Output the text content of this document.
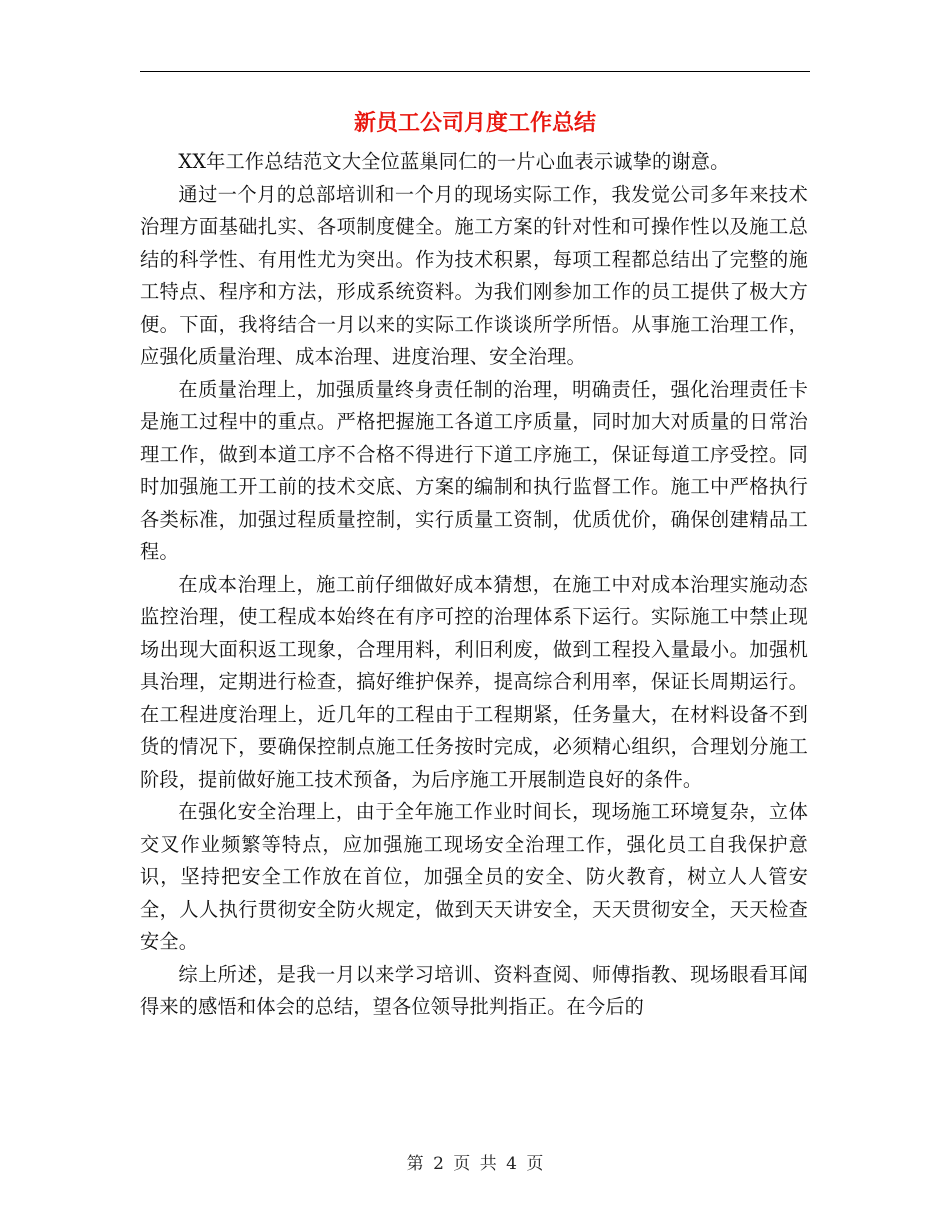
新员工公司月度工作总结

XX年工作总结范文大全位蓝巢同仁的一片心血表示诚挚的谢意。

通过一个月的总部培训和一个月的现场实际工作，我发觉公司多年来技术治理方面基础扎实、各项制度健全。施工方案的针对性和可操作性以及施工总结的科学性、有用性尤为突出。作为技术积累，每项工程都总结出了完整的施工特点、程序和方法，形成系统资料。为我们刚参加工作的员工提供了极大方便。下面，我将结合一月以来的实际工作谈谈所学所悟。从事施工治理工作，应强化质量治理、成本治理、进度治理、安全治理。

在质量治理上，加强质量终身责任制的治理，明确责任，强化治理责任卡是施工过程中的重点。严格把握施工各道工序质量，同时加大对质量的日常治理工作，做到本道工序不合格不得进行下道工序施工，保证每道工序受控。同时加强施工开工前的技术交底、方案的编制和执行监督工作。施工中严格执行各类标准，加强过程质量控制，实行质量工资制，优质优价，确保创建精品工程。

在成本治理上，施工前仔细做好成本猜想，在施工中对成本治理实施动态监控治理，使工程成本始终在有序可控的治理体系下运行。实际施工中禁止现场出现大面积返工现象，合理用料，利旧利废，做到工程投入量最小。加强机具治理，定期进行检查，搞好维护保养，提高综合利用率，保证长周期运行。 在工程进度治理上，近几年的工程由于工程期紧，任务量大，在材料设备不到货的情况下，要确保控制点施工任务按时完成，必须精心组织，合理划分施工阶段，提前做好施工技术预备，为后序施工开展制造良好的条件。

在强化安全治理上，由于全年施工作业时间长，现场施工环境复杂，立体交叉作业频繁等特点，应加强施工现场安全治理工作，强化员工自我保护意识，坚持把安全工作放在首位，加强全员的安全、防火教育，树立人人管安全，人人执行贯彻安全防火规定，做到天天讲安全，天天贯彻安全，天天检查安全。

综上所述，是我一月以来学习培训、资料查阅、师傅指教、现场眼看耳闻得来的感悟和体会的总结，望各位领导批判指正。在今后的

第 2 页 共 4 页
